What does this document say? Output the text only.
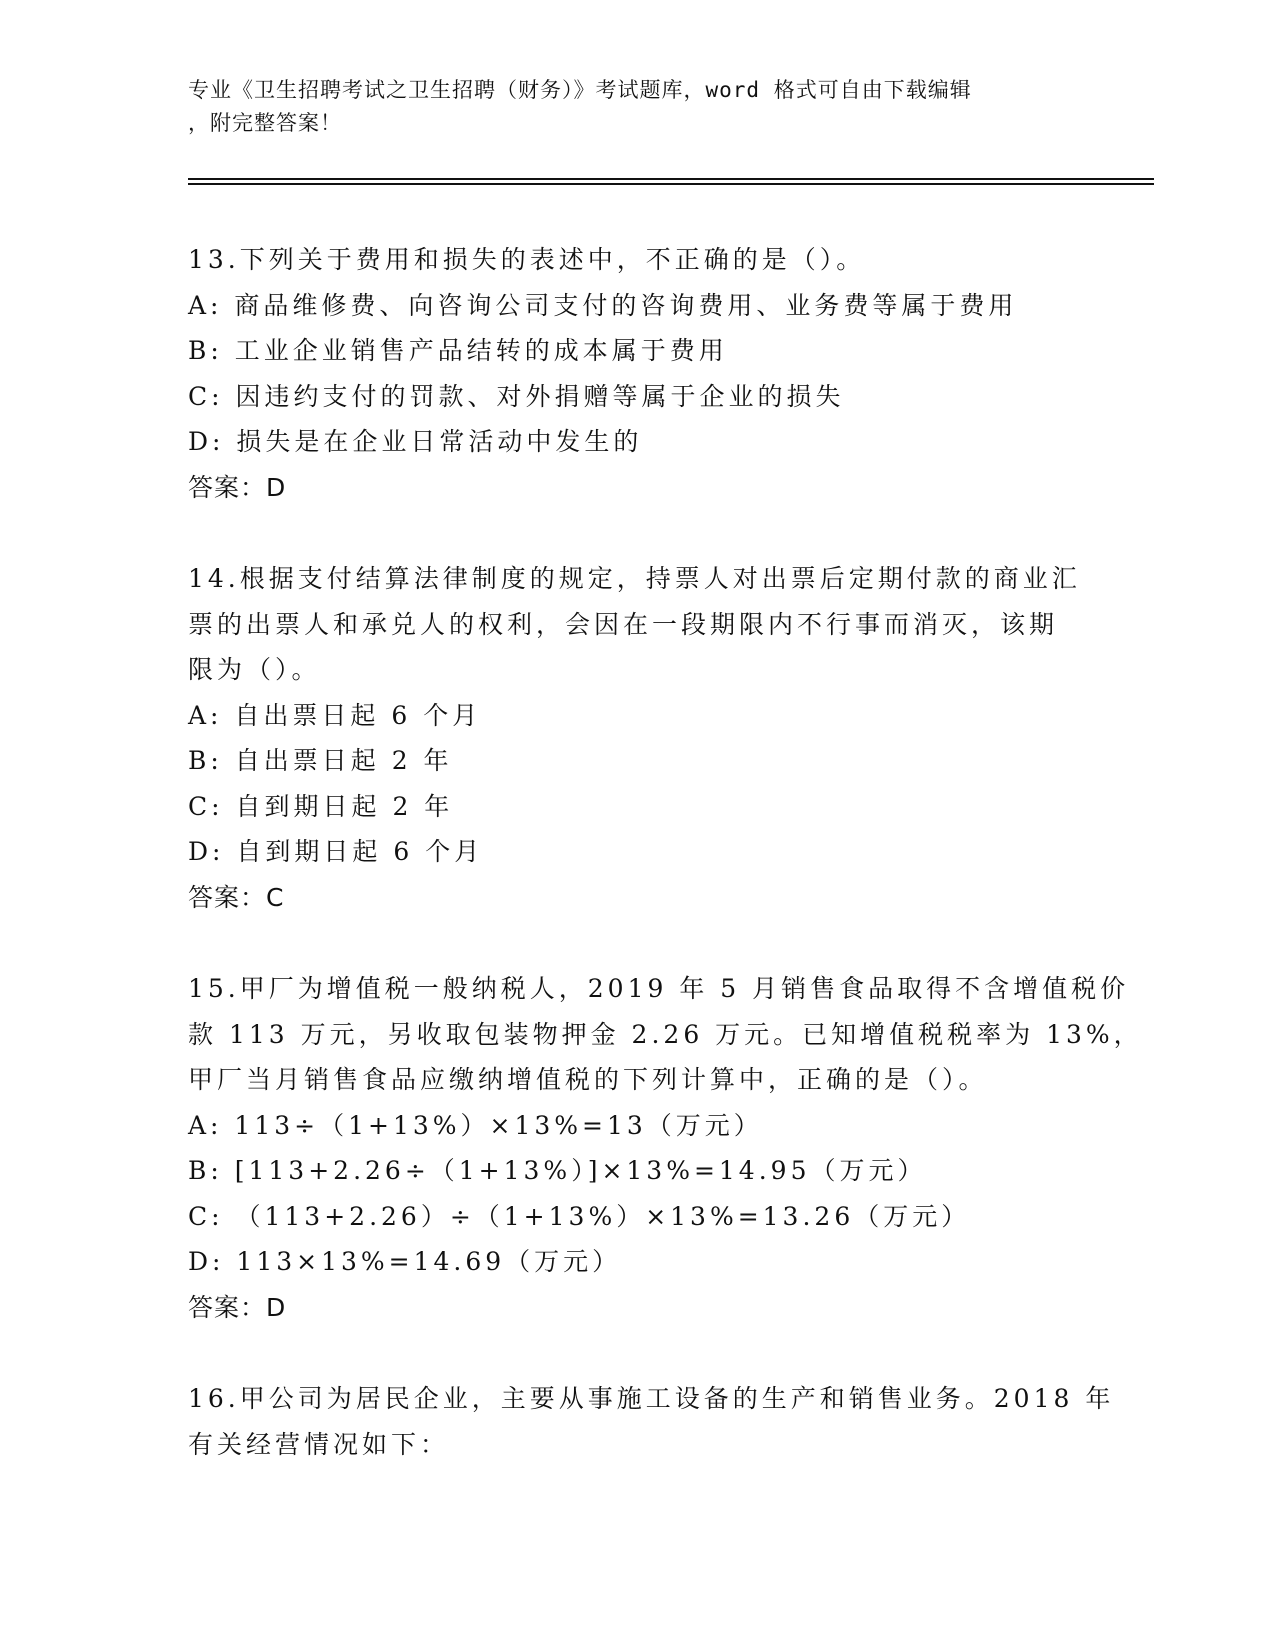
专业《卫生招聘考试之卫生招聘（财务）》考试题库，word 格式可自由下载编辑
，附完整答案！
13.下列关于费用和损失的表述中，不正确的是（）。
A: 商品维修费、向咨询公司支付的咨询费用、业务费等属于费用
B: 工业企业销售产品结转的成本属于费用
C: 因违约支付的罚款、对外捐赠等属于企业的损失
D: 损失是在企业日常活动中发生的
答案：D
14.根据支付结算法律制度的规定，持票人对出票后定期付款的商业汇
票的出票人和承兑人的权利，会因在一段期限内不行事而消灭，该期
限为（）。
A: 自出票日起 6 个月
B: 自出票日起 2 年
C: 自到期日起 2 年
D: 自到期日起 6 个月
答案：C
15.甲厂为增值税一般纳税人，2019 年 5 月销售食品取得不含增值税价
款 113 万元，另收取包装物押金 2.26 万元。已知增值税税率为 13%，
甲厂当月销售食品应缴纳增值税的下列计算中，正确的是（）。
A: 113÷（1+13%）×13%=13（万元）
B: [113+2.26÷（1+13%）]×13%=14.95（万元）
C: （113+2.26）÷（1+13%）×13%=13.26（万元）
D: 113×13%=14.69（万元）
答案：D
16.甲公司为居民企业，主要从事施工设备的生产和销售业务。2018 年
有关经营情况如下：
